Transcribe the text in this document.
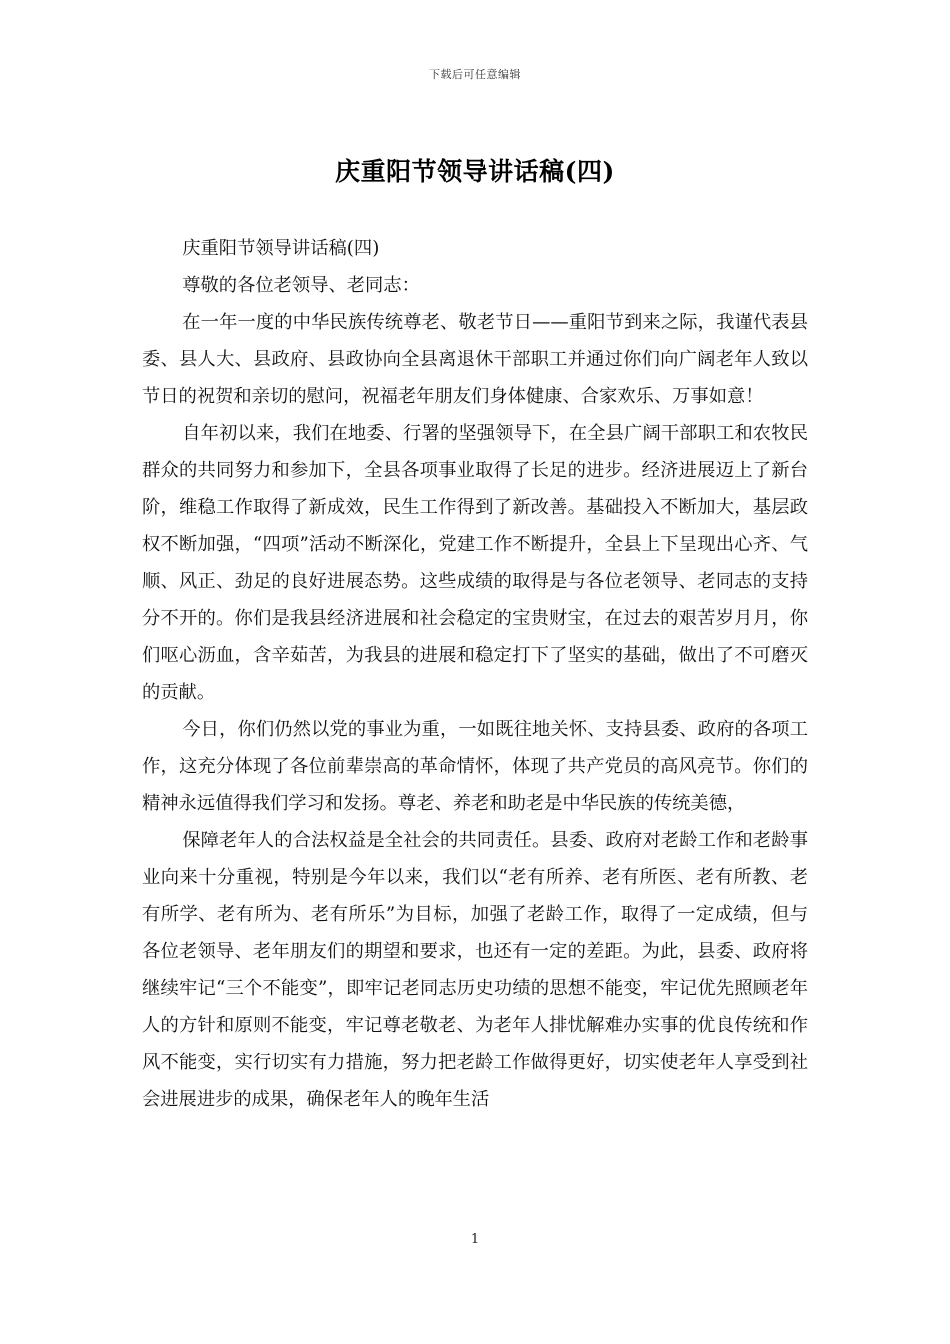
下载后可任意编辑
庆重阳节领导讲话稿(四)

庆重阳节领导讲话稿(四)

尊敬的各位老领导、老同志：

在一年一度的中华民族传统尊老、敬老节日——重阳节到来之际，我谨代表县委、县人大、县政府、县政协向全县离退休干部职工并通过你们向广阔老年人致以节日的祝贺和亲切的慰问，祝福老年朋友们身体健康、合家欢乐、万事如意！

自年初以来，我们在地委、行署的坚强领导下，在全县广阔干部职工和农牧民群众的共同努力和参加下，全县各项事业取得了长足的进步。经济进展迈上了新台阶，维稳工作取得了新成效，民生工作得到了新改善。基础投入不断加大，基层政权不断加强，“四项”活动不断深化，党建工作不断提升，全县上下呈现出心齐、气顺、风正、劲足的良好进展态势。这些成绩的取得是与各位老领导、老同志的支持分不开的。你们是我县经济进展和社会稳定的宝贵财宝，在过去的艰苦岁月月，你们呕心沥血，含辛茹苦，为我县的进展和稳定打下了坚实的基础，做出了不可磨灭的贡献。

今日，你们仍然以党的事业为重，一如既往地关怀、支持县委、政府的各项工作，这充分体现了各位前辈崇高的革命情怀，体现了共产党员的高风亮节。你们的精神永远值得我们学习和发扬。尊老、养老和助老是中华民族的传统美德，

保障老年人的合法权益是全社会的共同责任。县委、政府对老龄工作和老龄事业向来十分重视，特别是今年以来，我们以“老有所养、老有所医、老有所教、老有所学、老有所为、老有所乐”为目标，加强了老龄工作，取得了一定成绩，但与各位老领导、老年朋友们的期望和要求，也还有一定的差距。为此，县委、政府将继续牢记“三个不能变”，即牢记老同志历史功绩的思想不能变，牢记优先照顾老年人的方针和原则不能变，牢记尊老敬老、为老年人排忧解难办实事的优良传统和作风不能变，实行切实有力措施，努力把老龄工作做得更好，切实使老年人享受到社会进展进步的成果，确保老年人的晚年生活

1
